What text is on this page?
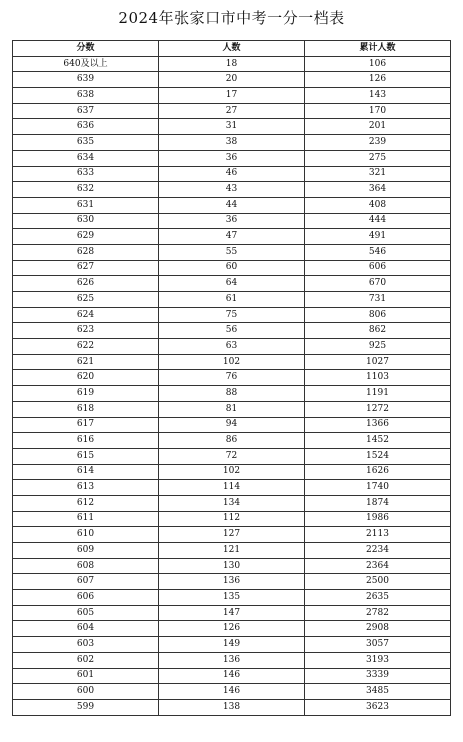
2024年张家口市中考一分一档表
分数	人数	累计人数
640及以上	18	106
639	20	126
638	17	143
637	27	170
636	31	201
635	38	239
634	36	275
633	46	321
632	43	364
631	44	408
630	36	444
629	47	491
628	55	546
627	60	606
626	64	670
625	61	731
624	75	806
623	56	862
622	63	925
621	102	1027
620	76	1103
619	88	1191
618	81	1272
617	94	1366
616	86	1452
615	72	1524
614	102	1626
613	114	1740
612	134	1874
611	112	1986
610	127	2113
609	121	2234
608	130	2364
607	136	2500
606	135	2635
605	147	2782
604	126	2908
603	149	3057
602	136	3193
601	146	3339
600	146	3485
599	138	3623
